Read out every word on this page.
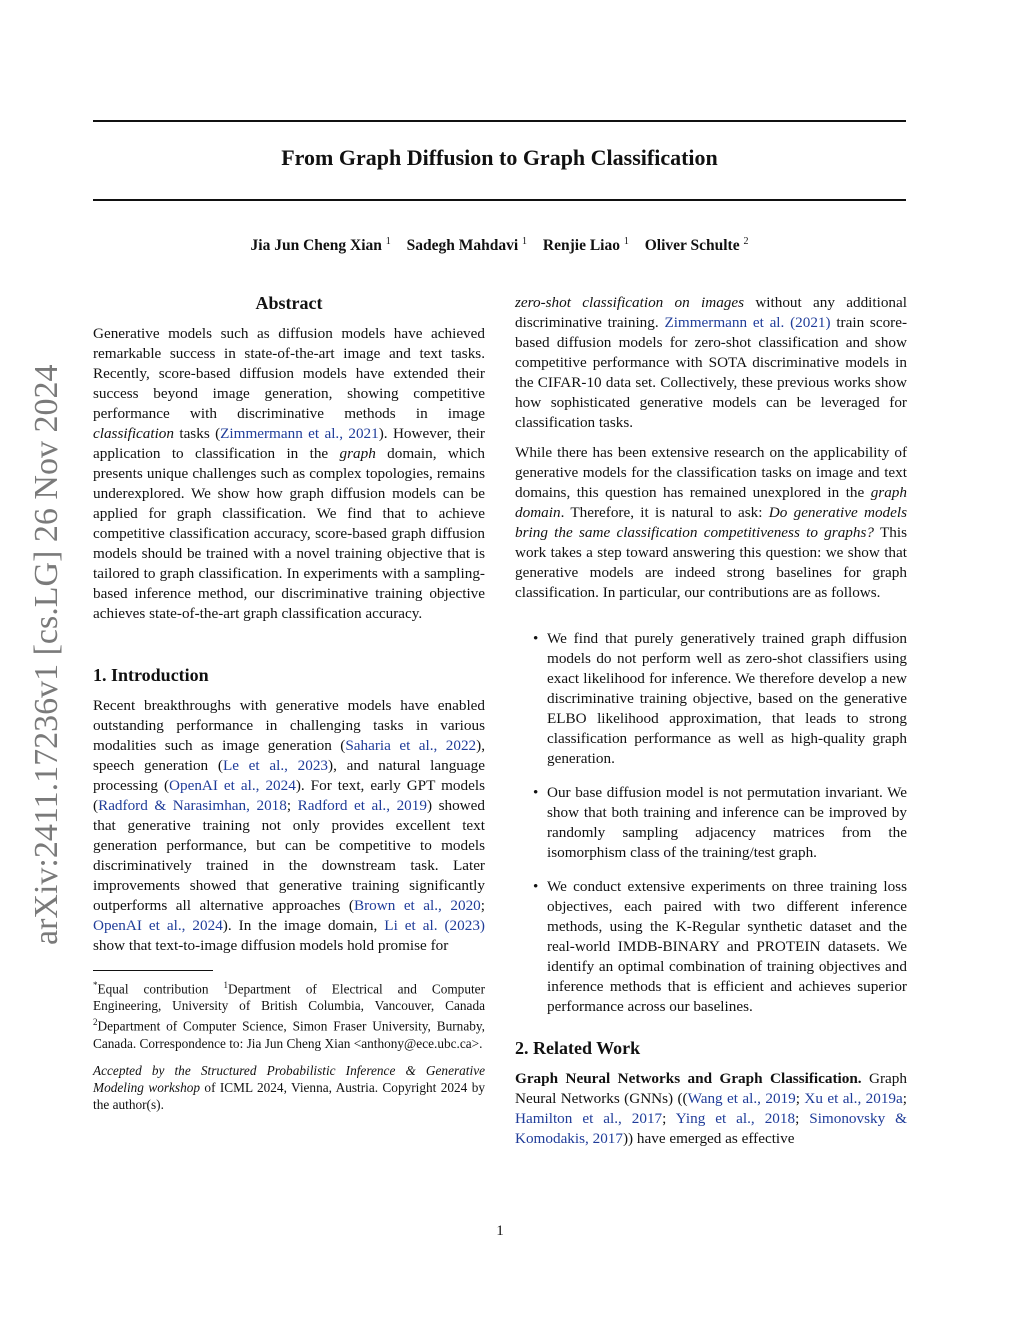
arXiv:2411.17236v1 [cs.LG] 26 Nov 2024
From Graph Diffusion to Graph Classification
Jia Jun Cheng Xian $^1$ Sadegh Mahdavi $^1$ Renjie Liao $^1$ Oliver Schulte $^2$
Abstract

Generative models such as diffusion models have achieved remarkable success in state-of-the-art image and text tasks. Recently, score-based diffusion models have extended their success beyond image generation, showing competitive performance with discriminative methods in image classification tasks (Zimmermann et al., 2021). However, their application to classification in the graph domain, which presents unique challenges such as complex topologies, remains underexplored. We show how graph diffusion models can be applied for graph classification. We find that to achieve competitive classification accuracy, score-based graph diffusion models should be trained with a novel training objective that is tailored to graph classification. In experiments with a sampling-based inference method, our discriminative training objective achieves state-of-the-art graph classification accuracy.

1. Introduction

Recent breakthroughs with generative models have enabled outstanding performance in challenging tasks in various modalities such as image generation (Saharia et al., 2022), speech generation (Le et al., 2023), and natural language processing (OpenAI et al., 2024). For text, early GPT models (Radford & Narasimhan, 2018; Radford et al., 2019) showed that generative training not only provides excellent text generation performance, but can be competitive to models discriminatively trained in the downstream task. Later improvements showed that generative training significantly outperforms all alternative approaches (Brown et al., 2020; OpenAI et al., 2024). In the image domain, Li et al. (2023) show that text-to-image diffusion models hold promise for

*Equal contribution $^1$Department of Electrical and Computer Engineering, University of British Columbia, Vancouver, Canada $^2$Department of Computer Science, Simon Fraser University, Burnaby, Canada. Correspondence to: Jia Jun Cheng Xian <anthony@ece.ubc.ca>.

Accepted by the Structured Probabilistic Inference & Generative Modeling workshop of ICML 2024, Vienna, Austria. Copyright 2024 by the author(s).

zero-shot classification on images without any additional discriminative training. Zimmermann et al. (2021) train score-based diffusion models for zero-shot classification and show competitive performance with SOTA discriminative models in the CIFAR-10 data set. Collectively, these previous works show how sophisticated generative models can be leveraged for classification tasks.

While there has been extensive research on the applicability of generative models for the classification tasks on image and text domains, this question has remained unexplored in the graph domain. Therefore, it is natural to ask: Do generative models bring the same classification competitiveness to graphs? This work takes a step toward answering this question: we show that generative models are indeed strong baselines for graph classification. In particular, our contributions are as follows.

• We find that purely generatively trained graph diffusion models do not perform well as zero-shot classifiers using exact likelihood for inference. We therefore develop a new discriminative training objective, based on the generative ELBO likelihood approximation, that leads to strong classification performance as well as high-quality graph generation.
• Our base diffusion model is not permutation invariant. We show that both training and inference can be improved by randomly sampling adjacency matrices from the isomorphism class of the training/test graph.
• We conduct extensive experiments on three training loss objectives, each paired with two different inference methods, using the K-Regular synthetic dataset and the real-world IMDB-BINARY and PROTEIN datasets. We identify an optimal combination of training objectives and inference methods that is efficient and achieves superior performance across our baselines.
2. Related Work

Graph Neural Networks and Graph Classification. Graph Neural Networks (GNNs) ((Wang et al., 2019; Xu et al., 2019a; Hamilton et al., 2017; Ying et al., 2018; Simonovsky & Komodakis, 2017)) have emerged as effective

1
